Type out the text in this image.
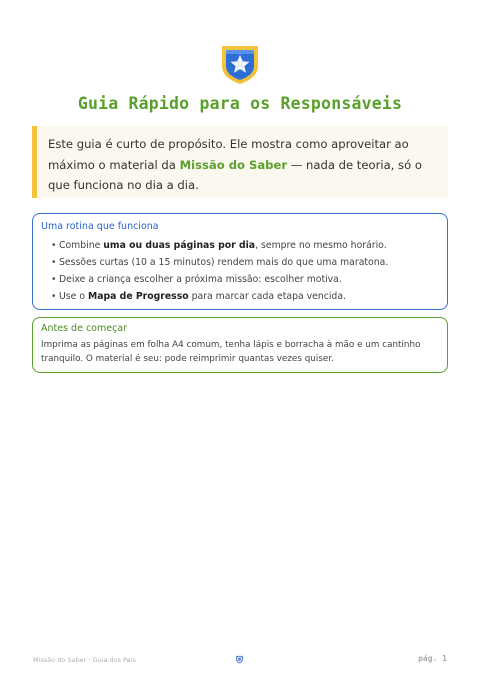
Guia Rápido para os Responsáveis
Este guia é curto de propósito. Ele mostra como aproveitar ao máximo o material da Missão do Saber — nada de teoria, só o que funciona no dia a dia.
Uma rotina que funciona
• Combine uma ou duas páginas por dia, sempre no mesmo horário.
• Sessões curtas (10 a 15 minutos) rendem mais do que uma maratona.
• Deixe a criança escolher a próxima missão: escolher motiva.
• Use o Mapa de Progresso para marcar cada etapa vencida.
Antes de começar

Imprima as páginas em folha A4 comum, tenha lápis e borracha à mão e um cantinho tranquilo. O material é seu: pode reimprimir quantas vezes quiser.

Missão do Saber · Guia dos Pais	pág. 1
